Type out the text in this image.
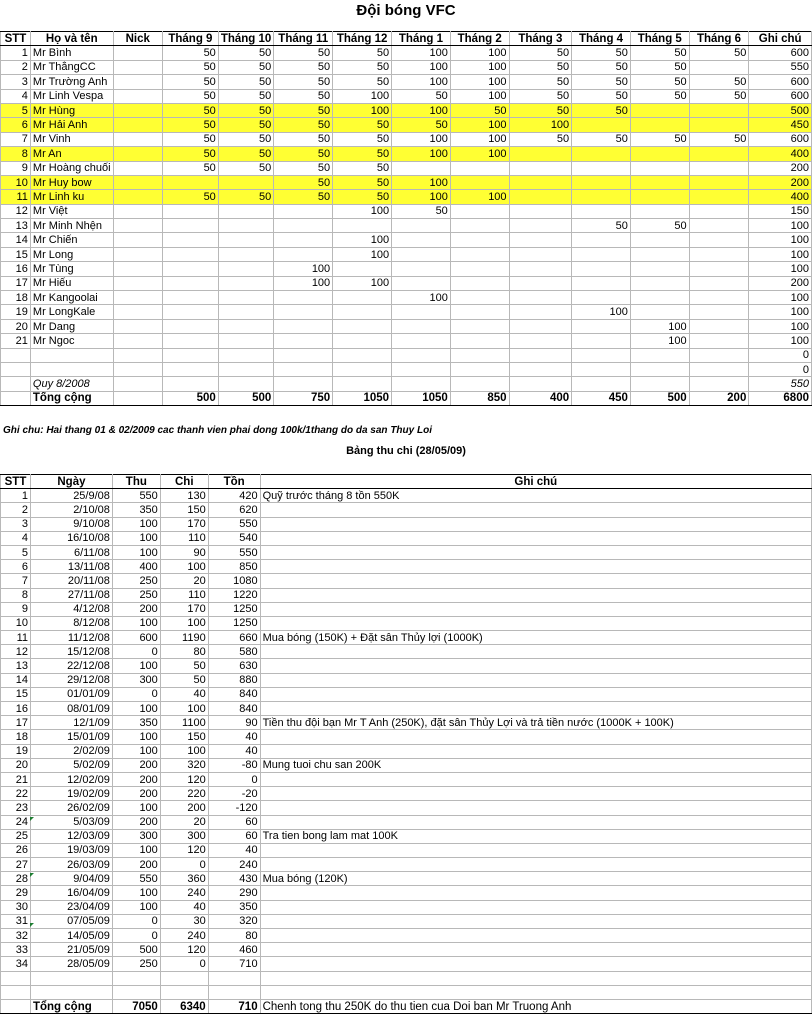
Đội bóng VFC
STT	Họ và tên	Nick	Tháng 9	Tháng 10	Tháng 11	Tháng 12	Tháng 1	Tháng 2	Tháng 3	Tháng 4	Tháng 5	Tháng 6	Ghi chú
1	Mr Bình		50	50	50	50	100	100	50	50	50	50	600
2	Mr ThắngCC		50	50	50	50	100	100	50	50	50		550
3	Mr Trường Anh		50	50	50	50	100	100	50	50	50	50	600
4	Mr Linh Vespa		50	50	50	100	50	100	50	50	50	50	600
5	Mr Hùng		50	50	50	100	100	50	50	50			500
6	Mr Hải Anh		50	50	50	50	50	100	100				450
7	Mr Vinh		50	50	50	50	100	100	50	50	50	50	600
8	Mr An		50	50	50	50	100	100					400
9	Mr Hoàng chuối		50	50	50	50							200
10	Mr Huy bow				50	50	100						200
11	Mr Linh ku		50	50	50	50	100	100					400
12	Mr Việt					100	50						150
13	Mr Minh Nhện									50	50		100
14	Mr Chiến					100							100
15	Mr Long					100							100
16	Mr Tùng				100								100
17	Mr Hiếu				100	100							200
18	Mr Kangoolai						100						100
19	Mr LongKale									100			100
20	Mr Dang										100		100
21	Mr Ngoc										100		100
													0
													0
	Quy 8/2008												550
	Tổng cộng		500	500	750	1050	1050	850	400	450	500	200	6800
Ghi chu: Hai thang 01 & 02/2009 cac thanh vien phai dong 100k/1thang do da san Thuy Loi
Bảng thu chi (28/05/09)
STT	Ngày	Thu	Chi	Tồn	Ghi chú
1	25/9/08	550	130	420	Quỹ trước tháng 8 tồn 550K
2	2/10/08	350	150	620	
3	9/10/08	100	170	550	
4	16/10/08	100	110	540	
5	6/11/08	100	90	550	
6	13/11/08	400	100	850	
7	20/11/08	250	20	1080	
8	27/11/08	250	110	1220	
9	4/12/08	200	170	1250	
10	8/12/08	100	100	1250	
11	11/12/08	600	1190	660	Mua bóng (150K) + Đặt sân Thủy lợi (1000K)
12	15/12/08	0	80	580	
13	22/12/08	100	50	630	
14	29/12/08	300	50	880	
15	01/01/09	0	40	840	
16	08/01/09	100	100	840	
17	12/1/09	350	1100	90	Tiền thu đội bạn Mr T Anh (250K), đặt sân Thủy Lợi và trả tiền nước (1000K + 100K)
18	15/01/09	100	150	40	
19	2/02/09	100	100	40	
20	5/02/09	200	320	-80	Mung tuoi chu san 200K
21	12/02/09	200	120	0	
22	19/02/09	200	220	-20	
23	26/02/09	100	200	-120	
24	5/03/09	200	20	60	
25	12/03/09	300	300	60	Tra tien bong lam mat 100K
26	19/03/09	100	120	40	
27	26/03/09	200	0	240	
28	9/04/09	550	360	430	Mua bóng (120K)
29	16/04/09	100	240	290	
30	23/04/09	100	40	350	
31	07/05/09	0	30	320	
32	14/05/09	0	240	80	
33	21/05/09	500	120	460	
34	28/05/09	250	0	710	

	Tổng cộng	7050	6340	710	Chenh tong thu 250K do thu tien cua Doi ban Mr Truong Anh
